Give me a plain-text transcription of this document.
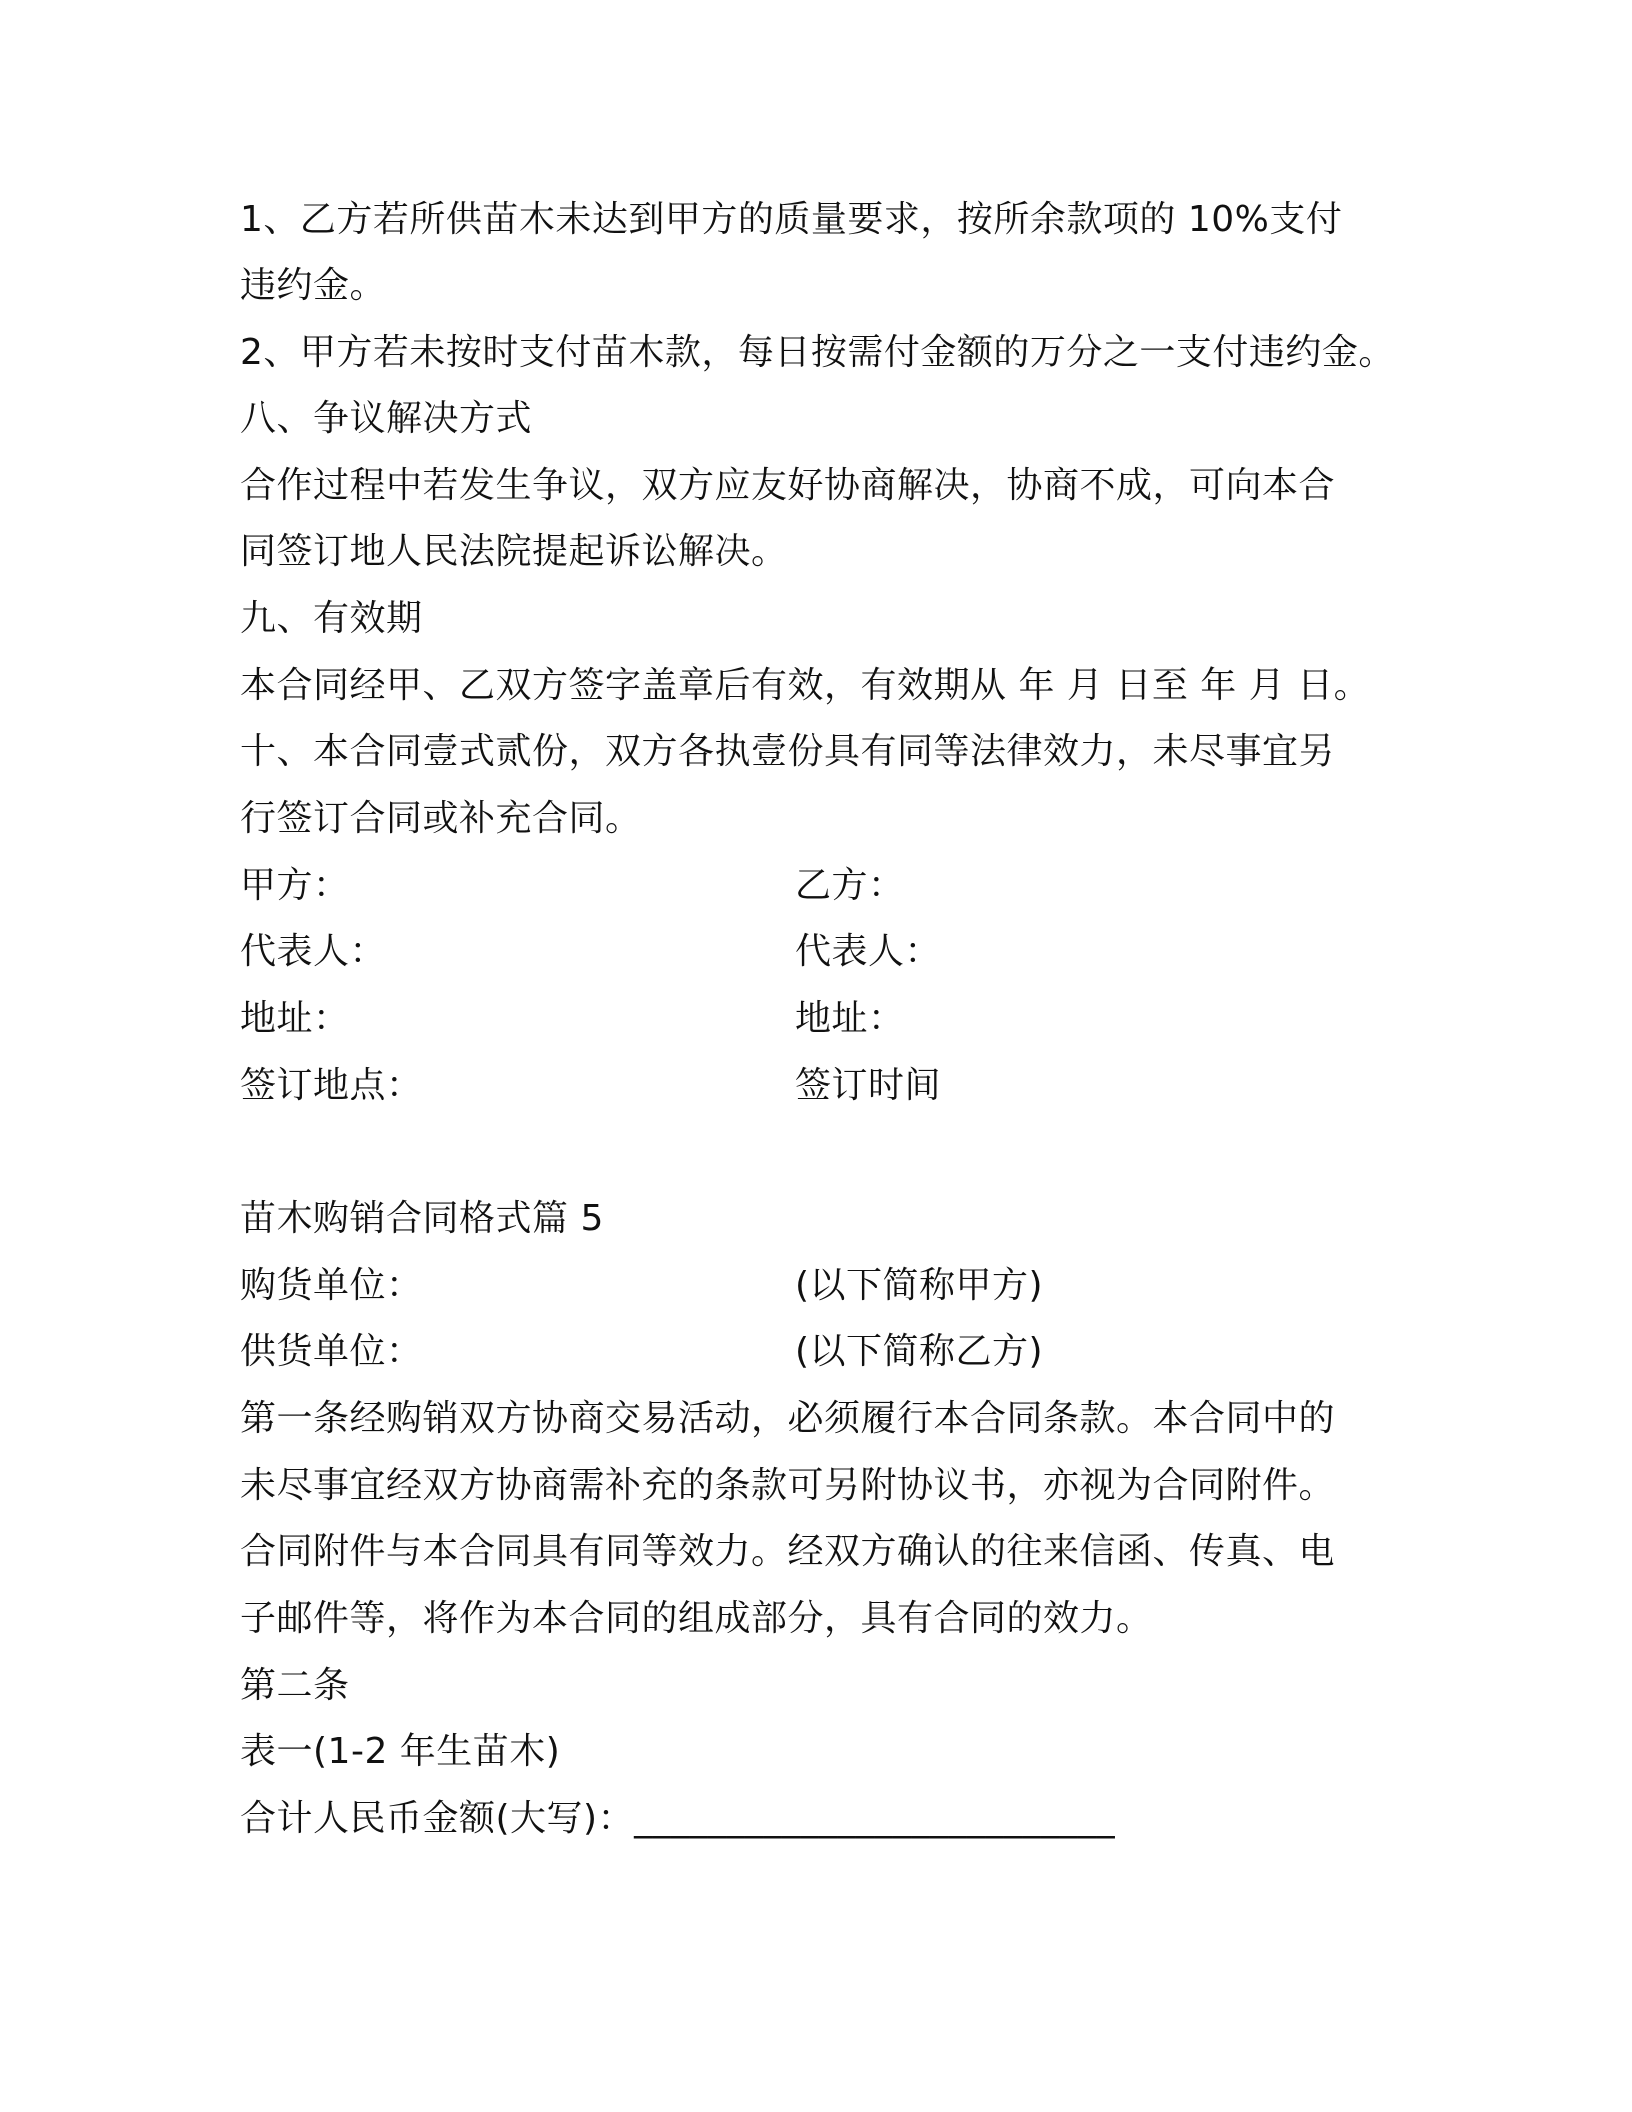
1、乙方若所供苗木未达到甲方的质量要求，按所余款项的 10%支付
违约金。
2、甲方若未按时支付苗木款，每日按需付金额的万分之一支付违约金。
八、争议解决方式
合作过程中若发生争议，双方应友好协商解决，协商不成，可向本合
同签订地人民法院提起诉讼解决。
九、有效期
本合同经甲、乙双方签字盖章后有效，有效期从 年 月 日至 年 月 日。
十、本合同壹式贰份，双方各执壹份具有同等法律效力，未尽事宜另
行签订合同或补充合同。
甲方：	乙方：
代表人：	代表人：
地址：	地址：
签订地点：	签订时间
苗木购销合同格式篇 5
购货单位：	(以下简称甲方)
供货单位：	(以下简称乙方)
第一条经购销双方协商交易活动，必须履行本合同条款。本合同中的
未尽事宜经双方协商需补充的条款可另附协议书，亦视为合同附件。
合同附件与本合同具有同等效力。经双方确认的往来信函、传真、电
子邮件等，将作为本合同的组成部分，具有合同的效力。
第二条
表一(1-2 年生苗木)
合计人民币金额(大写)：__________________________
